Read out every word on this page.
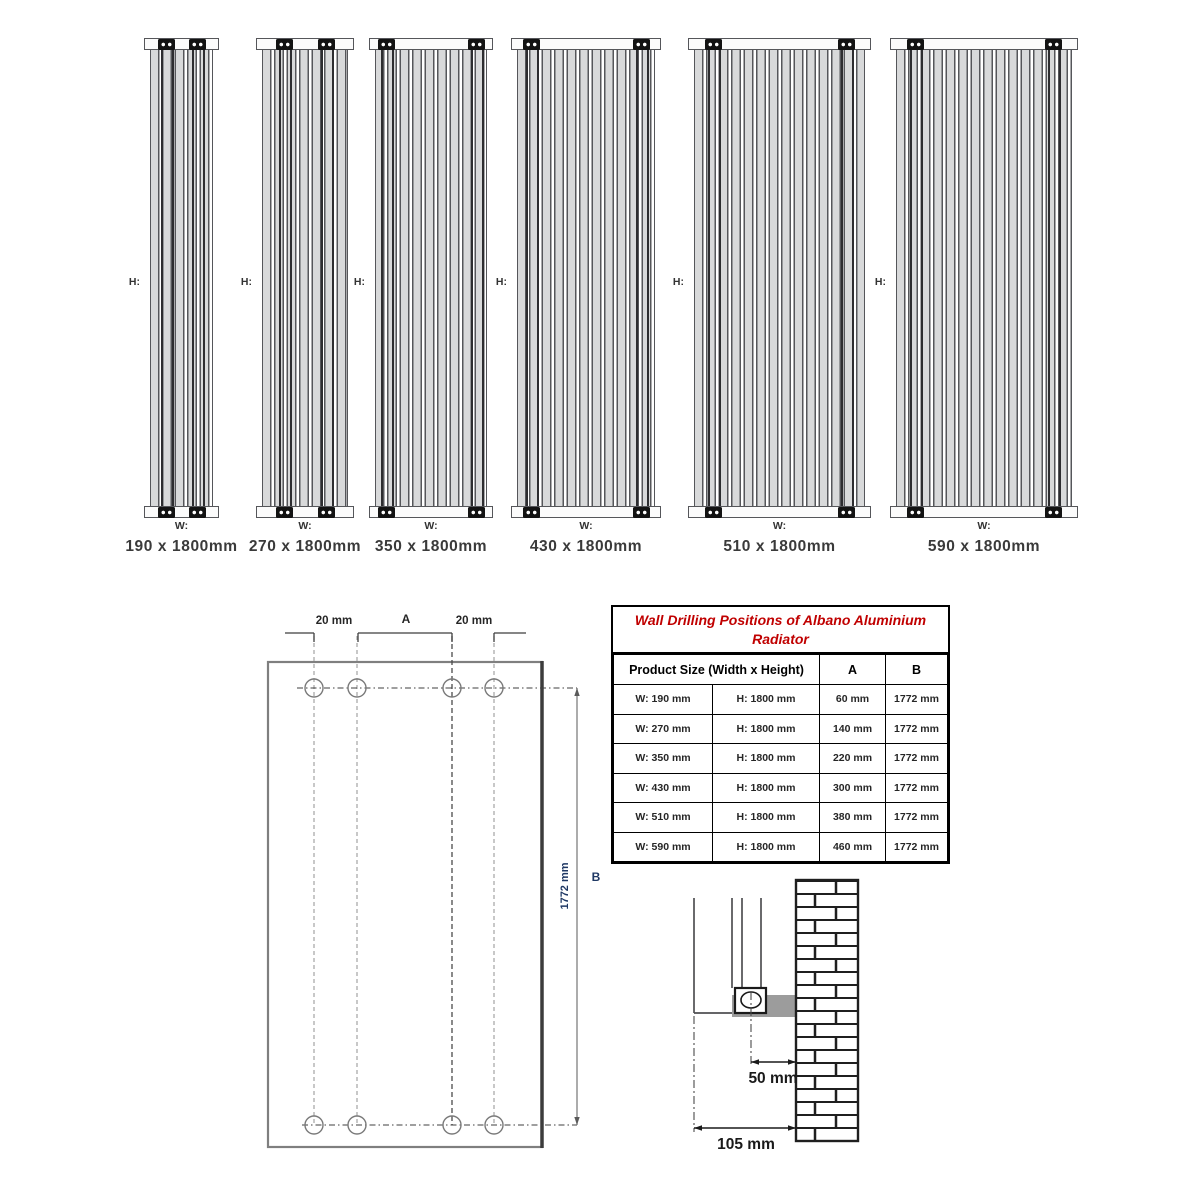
H:
W:
190 x 1800mm
H:
W:
270 x 1800mm
H:
W:
350 x 1800mm
H:
W:
430 x 1800mm
H:
W:
510 x 1800mm
H:
W:
590 x 1800mm
20 mm	A	20 mm
1772 mm B
Wall Drilling Positions of Albano Aluminium Radiator
Product Size (Width x Height)		A	B
W: 190 mm	H: 1800 mm	60 mm	1772 mm
W: 270 mm	H: 1800 mm	140 mm	1772 mm
W: 350 mm	H: 1800 mm	220 mm	1772 mm
W: 430 mm	H: 1800 mm	300 mm	1772 mm
W: 510 mm	H: 1800 mm	380 mm	1772 mm
W: 590 mm	H: 1800 mm	460 mm	1772 mm
50 mm
105 mm
